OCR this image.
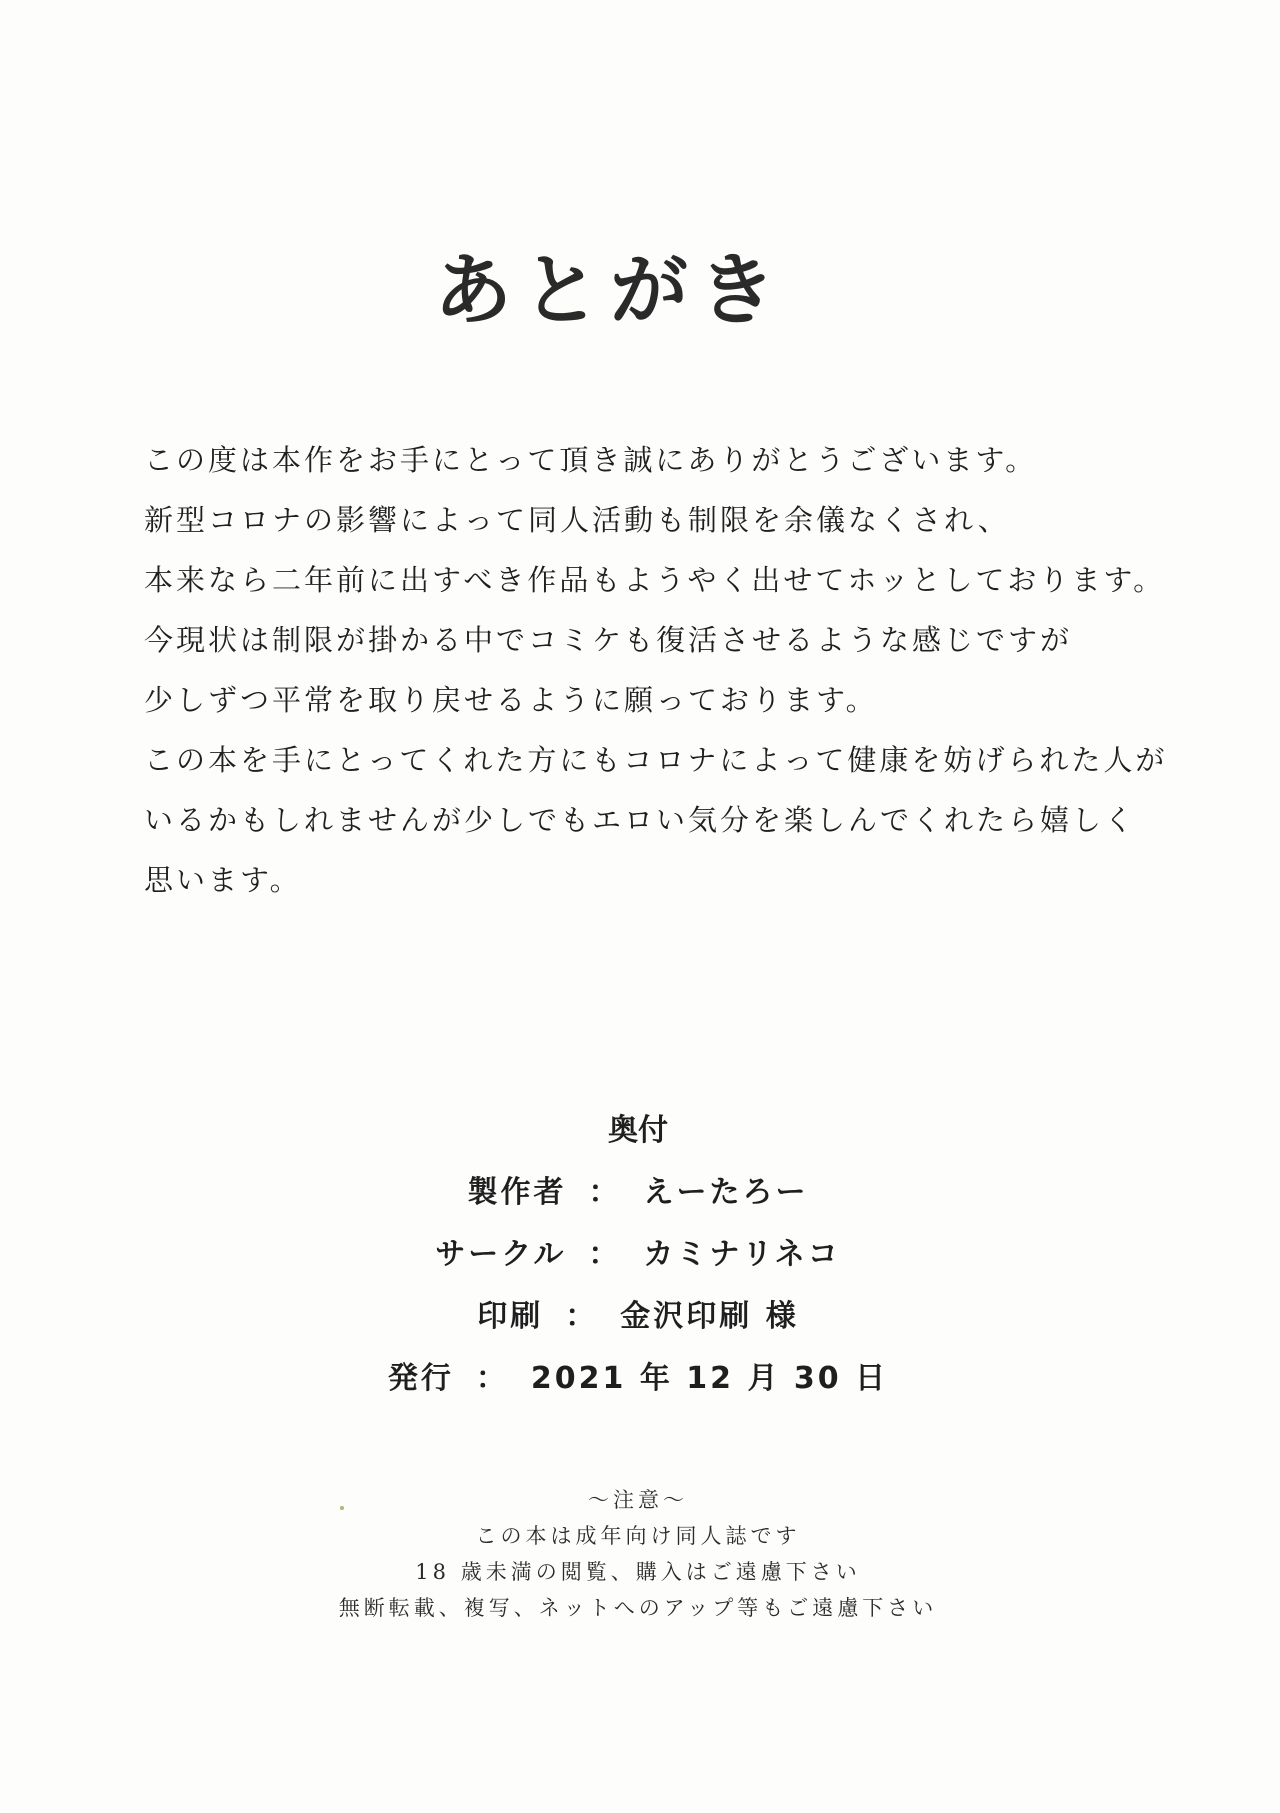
あとがき

この度は本作をお手にとって頂き誠にありがとうございます。

新型コロナの影響によって同人活動も制限を余儀なくされ、

本来なら二年前に出すべき作品もようやく出せてホッとしております。

今現状は制限が掛かる中でコミケも復活させるような感じですが

少しずつ平常を取り戻せるように願っております。

この本を手にとってくれた方にもコロナによって健康を妨げられた人が

いるかもしれませんが少しでもエロい気分を楽しんでくれたら嬉しく

思います。

奥付
製作者 ： えーたろー
サークル ： カミナリネコ
印刷 ： 金沢印刷 様
発行 ： 2021 年 12 月 30 日
〜注意〜
この本は成年向け同人誌です
18 歳未満の閲覧、購入はご遠慮下さい
無断転載、複写、ネットへのアップ等もご遠慮下さい
